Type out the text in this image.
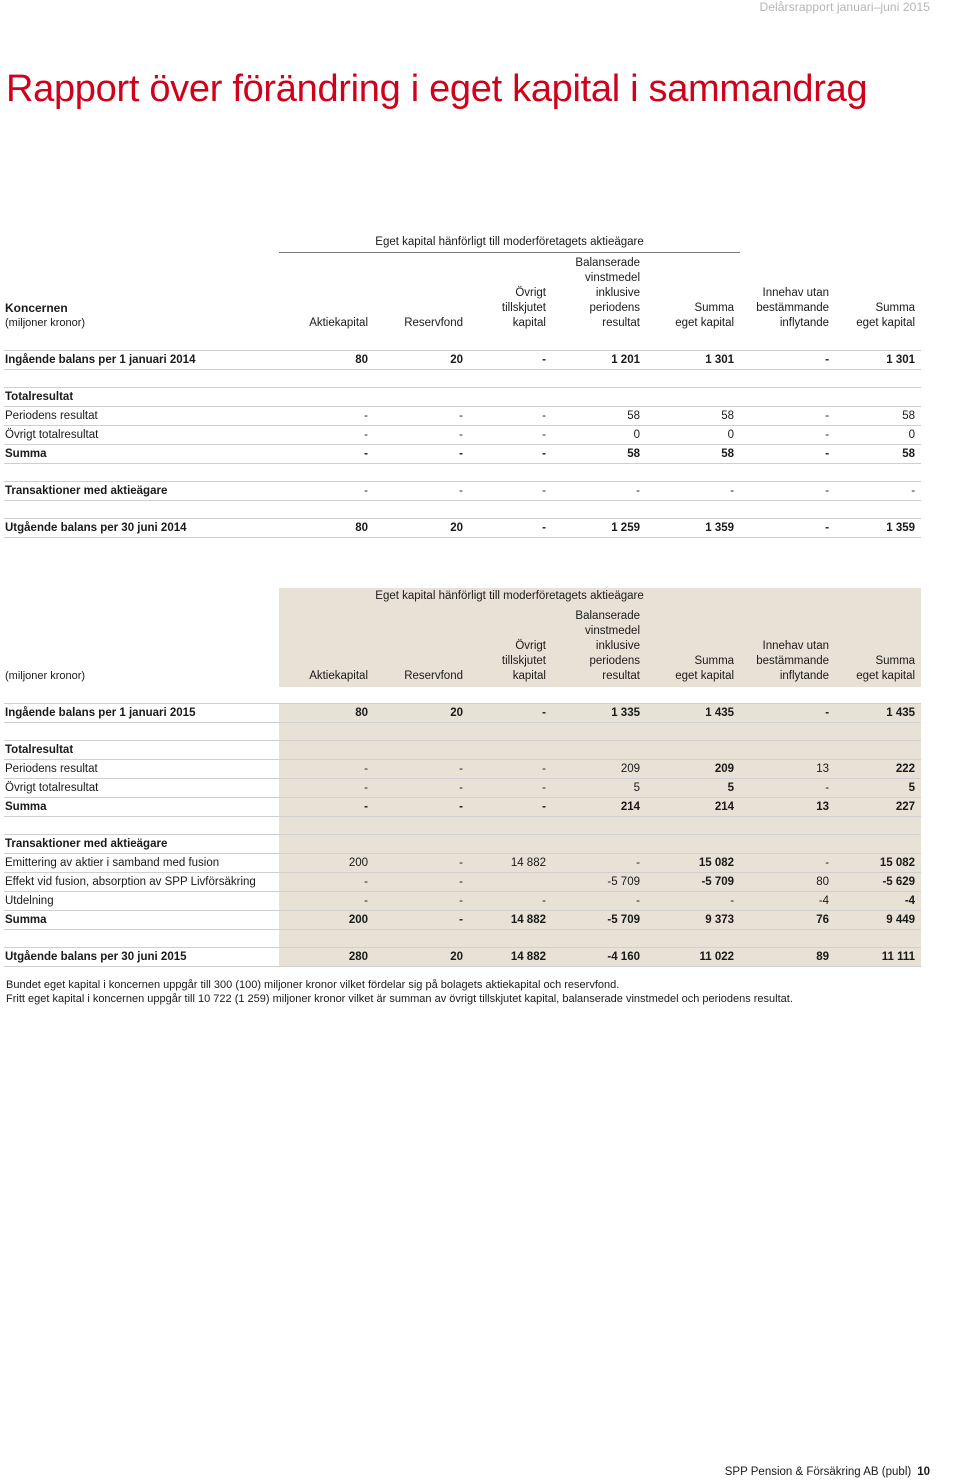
Delårsrapport januari–juni 2015
Rapport över förändring i eget kapital i sammandrag
	Eget kapital hänförligt till moderföretagets aktieägare						

Koncernen
(miljoner kronor)	Aktiekapital	Reservfond	Övrigt
tillskjutet
kapital	Balanserade
vinstmedel
inklusive
periodens
resultat	Summa
eget kapital	Innehav utan
bestämmande
inflytande	Summa
eget kapital

Ingående balans per 1 januari 2014	80	20	-	1 201	1 301	-	1 301

Totalresultat							
Periodens resultat	-	-	-	58	58	-	58
Övrigt totalresultat	-	-	-	0	0	-	0
Summa	-	-	-	58	58	-	58

Transaktioner med aktieägare	-	-	-	-	-	-	-

Utgående balans per 30 juni 2014	80	20	-	1 259	1 359	-	1 359
	Eget kapital hänförligt till moderföretagets aktieägare						

(miljoner kronor)	Aktiekapital	Reservfond	Övrigt
tillskjutet
kapital	Balanserade
vinstmedel
inklusive
periodens
resultat	Summa
eget kapital	Innehav utan
bestämmande
inflytande	Summa
eget kapital

Ingående balans per 1 januari 2015	80	20	-	1 335	1 435	-	1 435

Totalresultat							
Periodens resultat	-	-	-	209	209	13	222
Övrigt totalresultat	-	-	-	5	5	-	5
Summa	-	-	-	214	214	13	227

Transaktioner med aktieägare							
Emittering av aktier i samband med fusion	200	-	14 882	-	15 082	-	15 082
Effekt vid fusion, absorption av SPP Livförsäkring	-	-		-5 709	-5 709	80	-5 629
Utdelning	-	-	-	-	-	-4	-4
Summa	200	-	14 882	-5 709	9 373	76	9 449

Utgående balans per 30 juni 2015	280	20	14 882	-4 160	11 022	89	11 111

Bundet eget kapital i koncernen uppgår till 300 (100) miljoner kronor vilket fördelar sig på bolagets aktiekapital och reservfond.

Fritt eget kapital i koncernen uppgår till 10 722 (1 259) miljoner kronor vilket är summan av övrigt tillskjutet kapital, balanserade vinstmedel och periodens resultat.

SPP Pension & Försäkring AB (publ) 10
